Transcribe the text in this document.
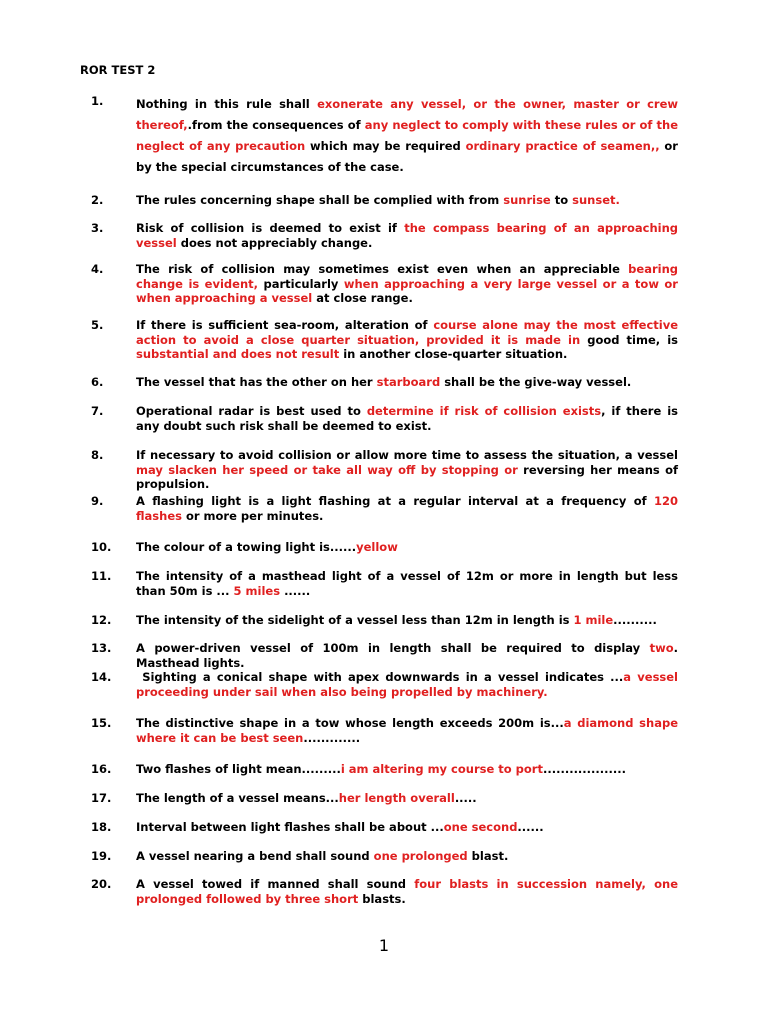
ROR TEST 2
1.	Nothing in this rule shall exonerate any vessel, or the owner, master or crew thereof,.from the consequences of any neglect to comply with these rules or of the neglect of any precaution which may be required ordinary practice of seamen,, or by the special circumstances of the case.
2.	The rules concerning shape shall be complied with from sunrise to sunset.
3.	Risk of collision is deemed to exist if the compass bearing of an approaching vessel does not appreciably change.
4.	The risk of collision may sometimes exist even when an appreciable bearing change is evident, particularly when approaching a very large vessel or a tow or when approaching a vessel at close range.
5.	If there is sufficient sea-room, alteration of course alone may the most effective action to avoid a close quarter situation, provided it is made in good time, is substantial and does not result in another close-quarter situation.
6.	The vessel that has the other on her starboard shall be the give-way vessel.
7.	Operational radar is best used to determine if risk of collision exists, if there is any doubt such risk shall be deemed to exist.
8.	If necessary to avoid collision or allow more time to assess the situation, a vessel may slacken her speed or take all way off by stopping or reversing her means of propulsion.
9.	A flashing light is a light flashing at a regular interval at a frequency of 120 flashes or more per minutes.
10. The colour of a towing light is......yellow
11. The intensity of a masthead light of a vessel of 12m or more in length but less than 50m is ... 5 miles ......
12. The intensity of the sidelight of a vessel less than 12m in length is 1 mile..........
13. A power-driven vessel of 100m in length shall be required to display two. Masthead lights.
14. Sighting a conical shape with apex downwards in a vessel indicates ...a vessel proceeding under sail when also being propelled by machinery.
15. The distinctive shape in a tow whose length exceeds 200m is...a diamond shape where it can be best seen.............
16. Two flashes of light mean.........i am altering my course to port...................
17. The length of a vessel means...her length overall.....
18. Interval between light flashes shall be about ...one second......
19. A vessel nearing a bend shall sound one prolonged blast.
20. A vessel towed if manned shall sound four blasts in succession namely, one prolonged followed by three short blasts.
1
